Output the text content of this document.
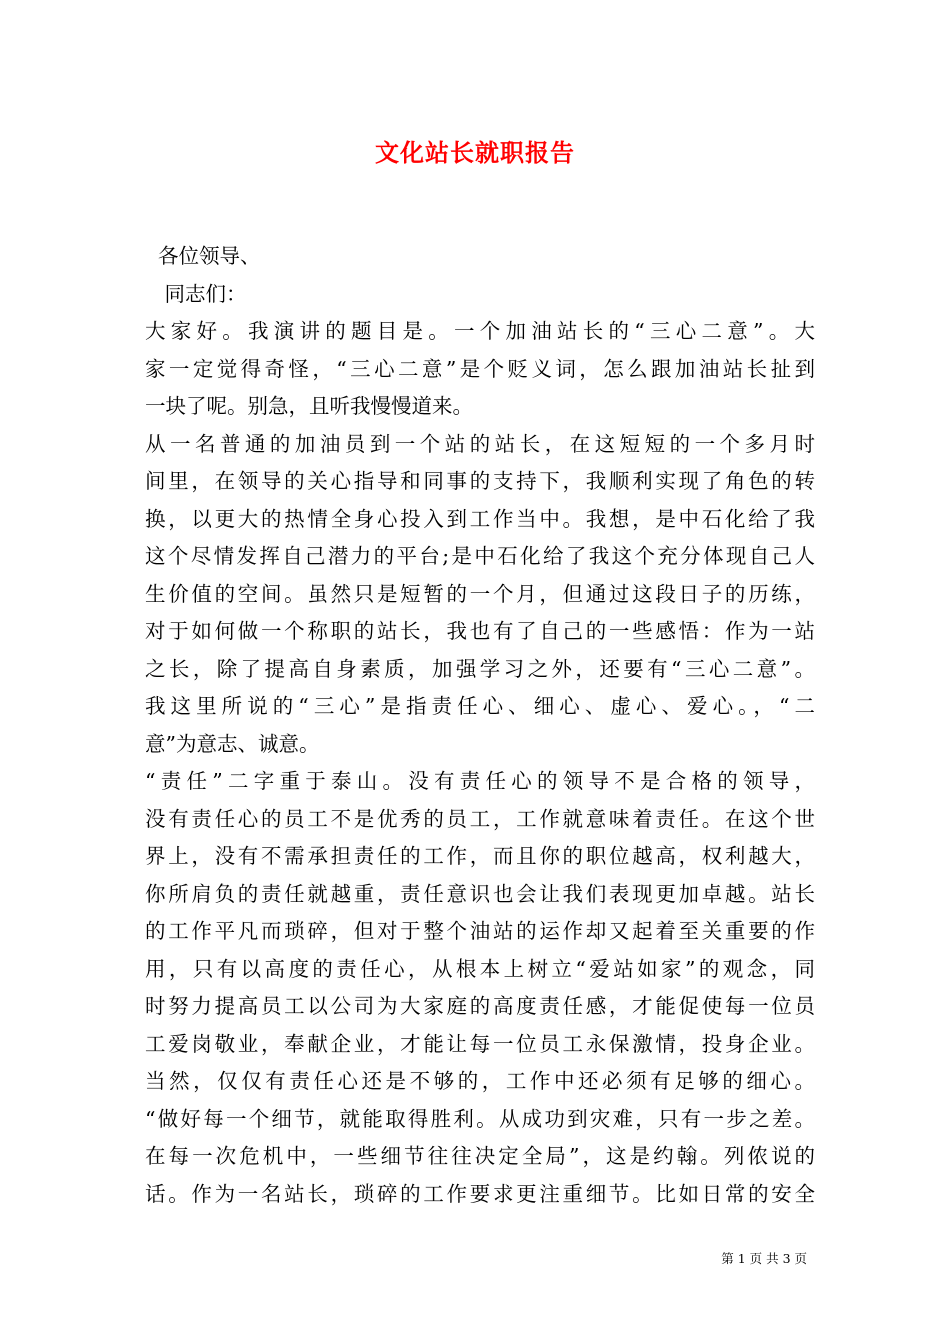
文化站长就职报告
各位领导、
同志们：
大家好。我演讲的题目是。一个加油站长的“三心二意”。大
家一定觉得奇怪，“三心二意”是个贬义词，怎么跟加油站长扯到
一块了呢。别急，且听我慢慢道来。
从一名普通的加油员到一个站的站长，在这短短的一个多月时
间里，在领导的关心指导和同事的支持下，我顺利实现了角色的转
换，以更大的热情全身心投入到工作当中。我想，是中石化给了我
这个尽情发挥自己潜力的平台;是中石化给了我这个充分体现自己人
生价值的空间。虽然只是短暂的一个月，但通过这段日子的历练，
对于如何做一个称职的站长，我也有了自己的一些感悟：作为一站
之长，除了提高自身素质，加强学习之外，还要有“三心二意”。
我这里所说的“三心”是指责任心、细心、虚心、爱心。，“二
意”为意志、诚意。
“责任”二字重于泰山。没有责任心的领导不是合格的领导，
没有责任心的员工不是优秀的员工，工作就意味着责任。在这个世
界上，没有不需承担责任的工作，而且你的职位越高，权利越大，
你所肩负的责任就越重，责任意识也会让我们表现更加卓越。站长
的工作平凡而琐碎，但对于整个油站的运作却又起着至关重要的作
用，只有以高度的责任心，从根本上树立“爱站如家”的观念，同
时努力提高员工以公司为大家庭的高度责任感，才能促使每一位员
工爱岗敬业，奉献企业，才能让每一位员工永保激情，投身企业。
当然，仅仅有责任心还是不够的，工作中还必须有足够的细心。
“做好每一个细节，就能取得胜利。从成功到灾难，只有一步之差。
在每一次危机中，一些细节往往决定全局”，这是约翰。列侬说的
话。作为一名站长，琐碎的工作要求更注重细节。比如日常的安全
第 1 页 共 3 页
